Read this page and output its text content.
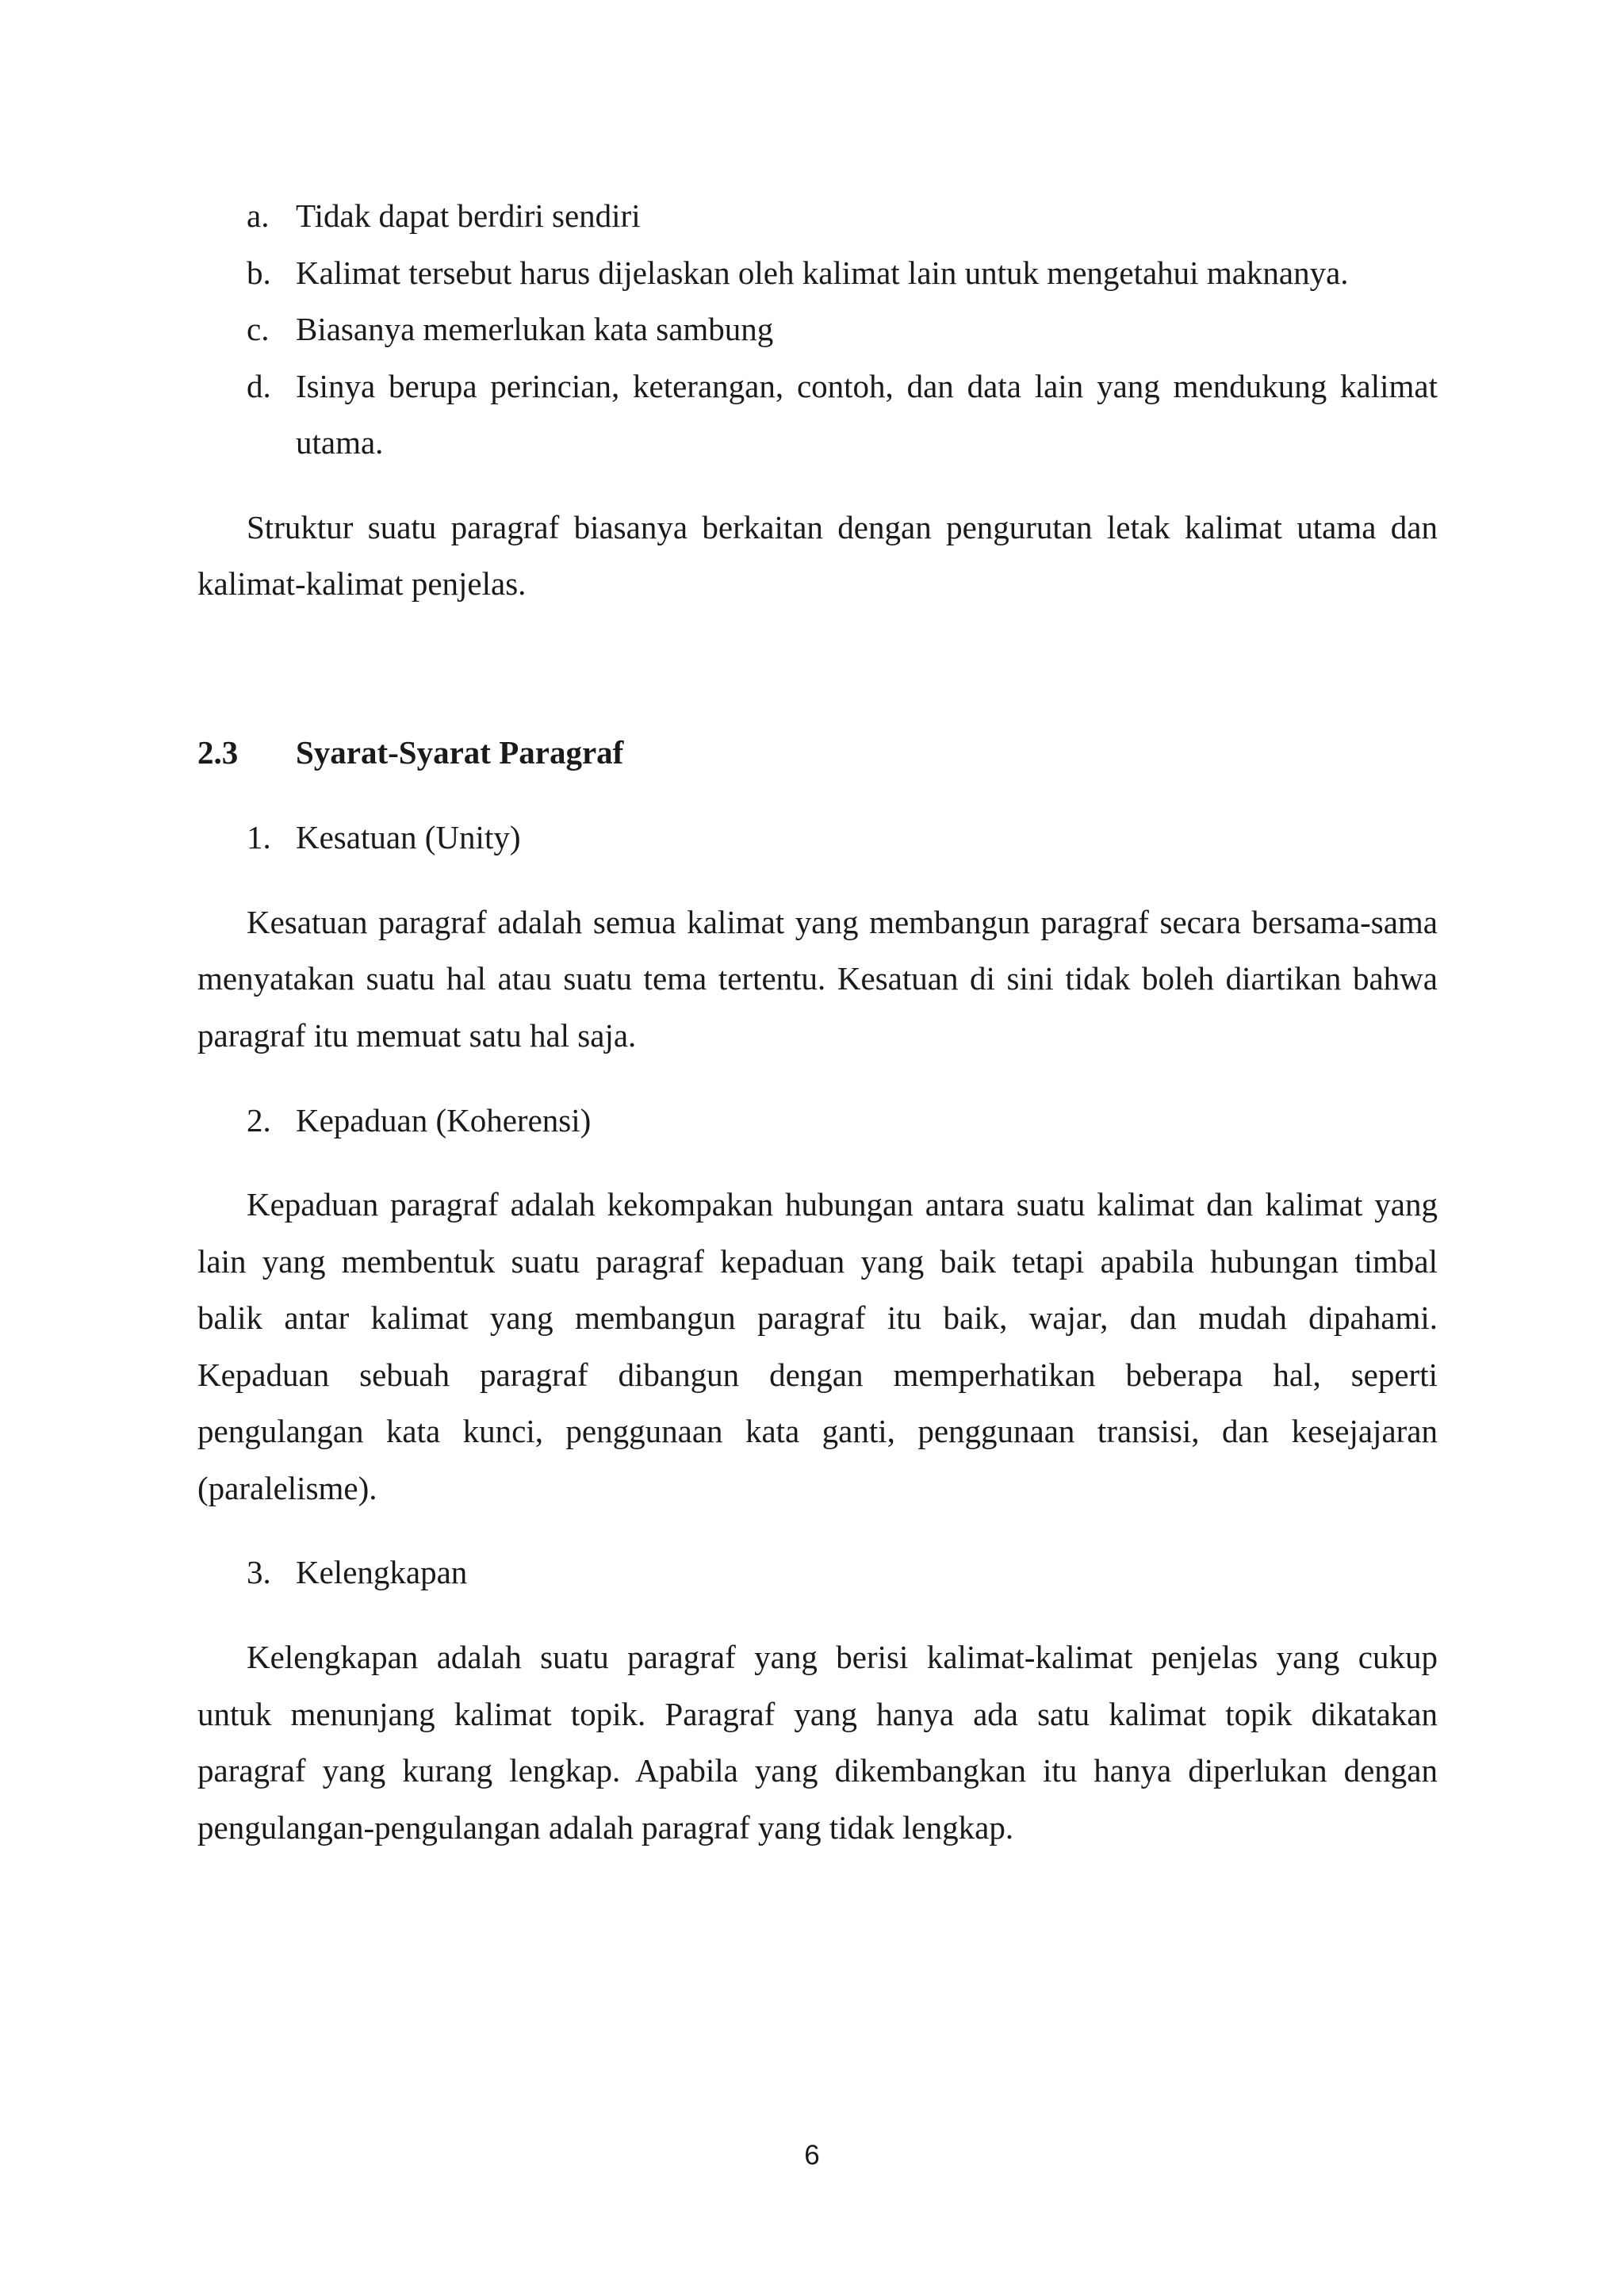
a. Tidak dapat berdiri sendiri
b. Kalimat tersebut harus dijelaskan oleh kalimat lain untuk mengetahui maknanya.
c. Biasanya memerlukan kata sambung
d. Isinya berupa perincian, keterangan, contoh, dan data lain yang mendukung kalimat
utama.
Struktur suatu paragraf biasanya berkaitan dengan pengurutan letak kalimat utama dan
kalimat-kalimat penjelas.
2.3 Syarat-Syarat Paragraf
1. Kesatuan (Unity)
Kesatuan paragraf adalah semua kalimat yang membangun paragraf secara bersama-sama
menyatakan suatu hal atau suatu tema tertentu. Kesatuan di sini tidak boleh diartikan bahwa
paragraf itu memuat satu hal saja.
2. Kepaduan (Koherensi)
Kepaduan paragraf adalah kekompakan hubungan antara suatu kalimat dan kalimat yang
lain yang membentuk suatu paragraf kepaduan yang baik tetapi apabila hubungan timbal
balik antar kalimat yang membangun paragraf itu baik, wajar, dan mudah dipahami.
Kepaduan sebuah paragraf dibangun dengan memperhatikan beberapa hal, seperti
pengulangan kata kunci, penggunaan kata ganti, penggunaan transisi, dan kesejajaran
(paralelisme).
3. Kelengkapan
Kelengkapan adalah suatu paragraf yang berisi kalimat-kalimat penjelas yang cukup
untuk menunjang kalimat topik. Paragraf yang hanya ada satu kalimat topik dikatakan
paragraf yang kurang lengkap. Apabila yang dikembangkan itu hanya diperlukan dengan
pengulangan-pengulangan adalah paragraf yang tidak lengkap.
6
